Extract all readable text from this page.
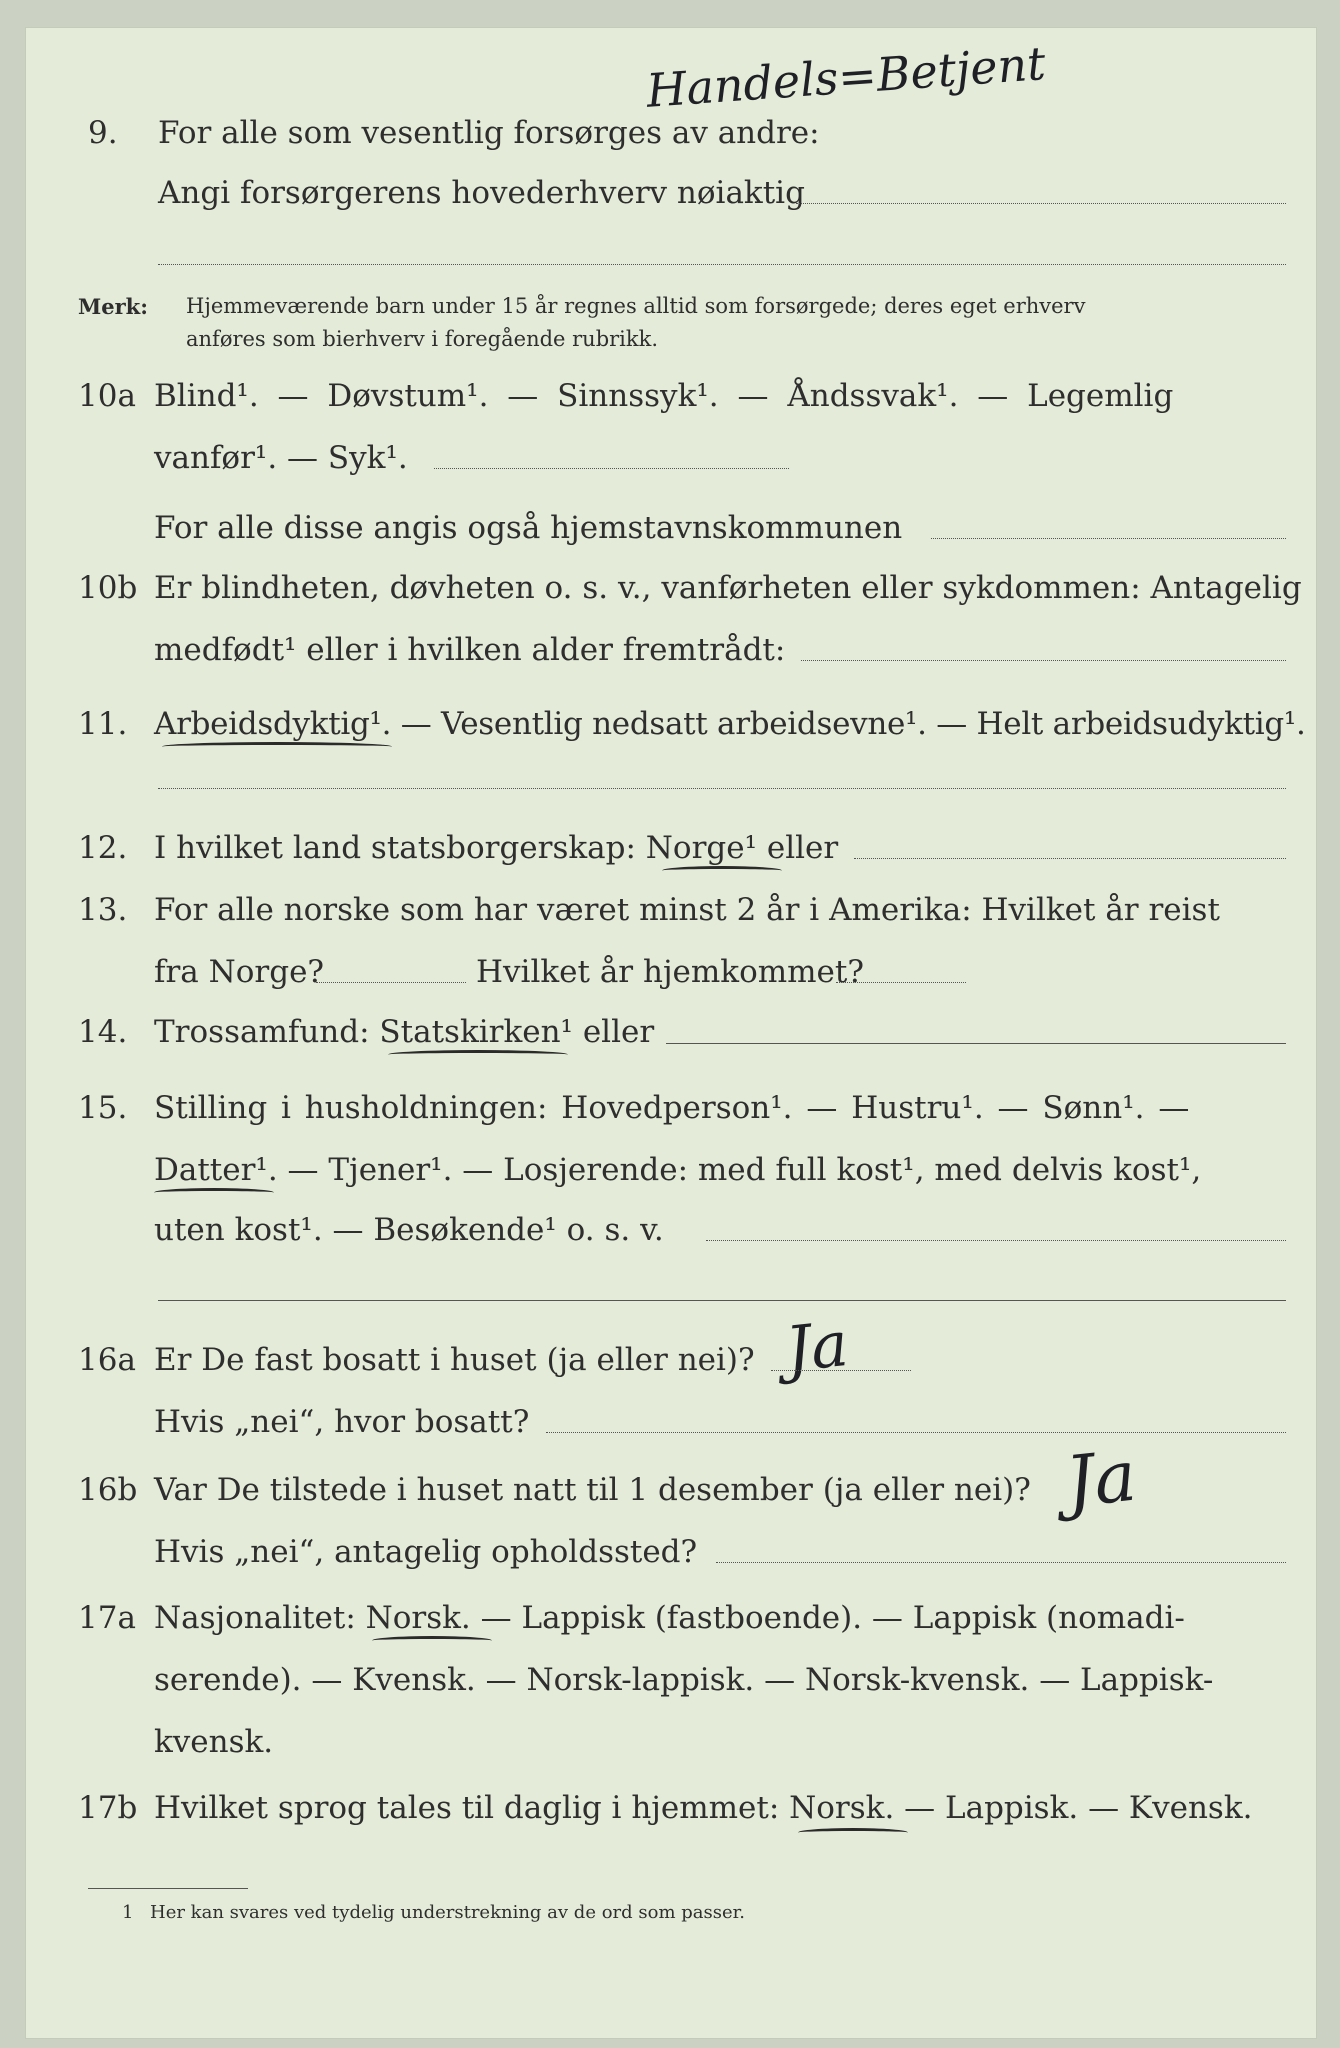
9. For alle som vesentlig forsørges av andre:
Angi forsørgerens hovederhverv nøiaktig
Handels=Betjent
Merk: Hjemmeværende barn under 15 år regnes alltid som forsørgede; deres eget erhverv
anføres som bierhverv i foregående rubrikk.
10a Blind¹. — Døvstum¹. — Sinnssyk¹. — Åndssvak¹. — Legemlig
vanfør¹. — Syk¹.
For alle disse angis også hjemstavnskommunen
10b Er blindheten, døvheten o. s. v., vanførheten eller sykdommen: Antagelig
medfødt¹ eller i hvilken alder fremtrådt:
11. Arbeidsdyktig¹. — Vesentlig nedsatt arbeidsevne¹. — Helt arbeidsudyktig¹.
12. I hvilket land statsborgerskap: Norge¹ eller
13. For alle norske som har været minst 2 år i Amerika: Hvilket år reist
fra Norge?	Hvilket år hjemkommet?
14. Trossamfund: Statskirken¹ eller
15. Stilling i husholdningen: Hovedperson¹. — Hustru¹. — Sønn¹. —
Datter¹. — Tjener¹. — Losjerende: med full kost¹, med delvis kost¹,
uten kost¹. — Besøkende¹ o. s. v.
16a Er De fast bosatt i huset (ja eller nei)? Ja
Hvis „nei“, hvor bosatt?
16b Var De tilstede i huset natt til 1 desember (ja eller nei)? Ja
Hvis „nei“, antagelig opholdssted?
17a Nasjonalitet: Norsk. — Lappisk (fastboende). — Lappisk (nomadi-
serende). — Kvensk. — Norsk-lappisk. — Norsk-kvensk. — Lappisk-
kvensk.
17b Hvilket sprog tales til daglig i hjemmet: Norsk. — Lappisk. — Kvensk.
1 Her kan svares ved tydelig understrekning av de ord som passer.
